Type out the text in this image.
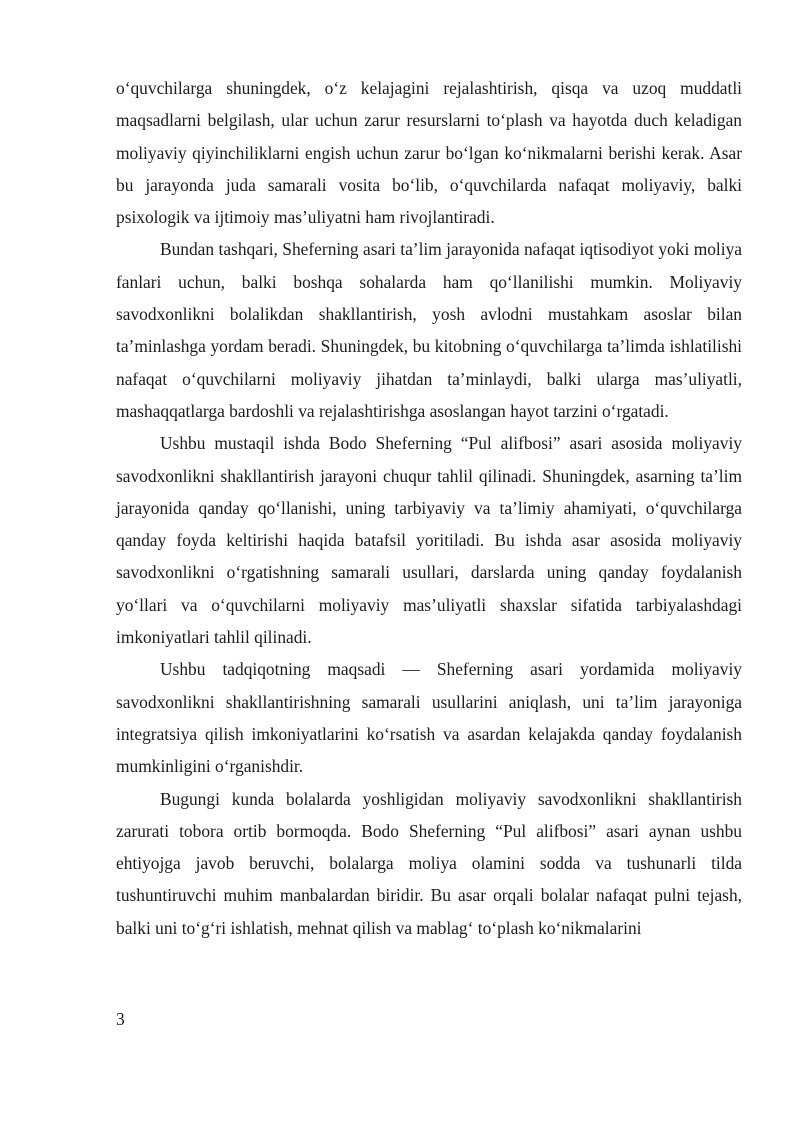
o‘quvchilarga shuningdek, o‘z kelajagini rejalashtirish, qisqa va uzoq muddatli maqsadlarni belgilash, ular uchun zarur resurslarni to‘plash va hayotda duch keladigan moliyaviy qiyinchiliklarni engish uchun zarur bo‘lgan ko‘nikmalarni berishi kerak. Asar bu jarayonda juda samarali vosita bo‘lib, o‘quvchilarda nafaqat moliyaviy, balki psixologik va ijtimoiy mas’uliyatni ham rivojlantiradi.

Bundan tashqari, Sheferning asari ta’lim jarayonida nafaqat iqtisodiyot yoki moliya fanlari uchun, balki boshqa sohalarda ham qo‘llanilishi mumkin. Moliyaviy savodxonlikni bolalikdan shakllantirish, yosh avlodni mustahkam asoslar bilan ta’minlashga yordam beradi. Shuningdek, bu kitobning o‘quvchilarga ta’limda ishlatilishi nafaqat o‘quvchilarni moliyaviy jihatdan ta’minlaydi, balki ularga mas’uliyatli, mashaqqatlarga bardoshli va rejalashtirishga asoslangan hayot tarzini o‘rgatadi.

Ushbu mustaqil ishda Bodo Sheferning “Pul alifbosi” asari asosida moliyaviy savodxonlikni shakllantirish jarayoni chuqur tahlil qilinadi. Shuningdek, asarning ta’lim jarayonida qanday qo‘llanishi, uning tarbiyaviy va ta’limiy ahamiyati, o‘quvchilarga qanday foyda keltirishi haqida batafsil yoritiladi. Bu ishda asar asosida moliyaviy savodxonlikni o‘rgatishning samarali usullari, darslarda uning qanday foydalanish yo‘llari va o‘quvchilarni moliyaviy mas’uliyatli shaxslar sifatida tarbiyalashdagi imkoniyatlari tahlil qilinadi.

Ushbu tadqiqotning maqsadi — Sheferning asari yordamida moliyaviy savodxonlikni shakllantirishning samarali usullarini aniqlash, uni ta’lim jarayoniga integratsiya qilish imkoniyatlarini ko‘rsatish va asardan kelajakda qanday foydalanish mumkinligini o‘rganishdir.

Bugungi kunda bolalarda yoshligidan moliyaviy savodxonlikni shakllantirish zarurati tobora ortib bormoqda. Bodo Sheferning “Pul alifbosi” asari aynan ushbu ehtiyojga javob beruvchi, bolalarga moliya olamini sodda va tushunarli tilda tushuntiruvchi muhim manbalardan biridir. Bu asar orqali bolalar nafaqat pulni tejash, balki uni to‘g‘ri ishlatish, mehnat qilish va mablag‘ to‘plash ko‘nikmalarini

3
